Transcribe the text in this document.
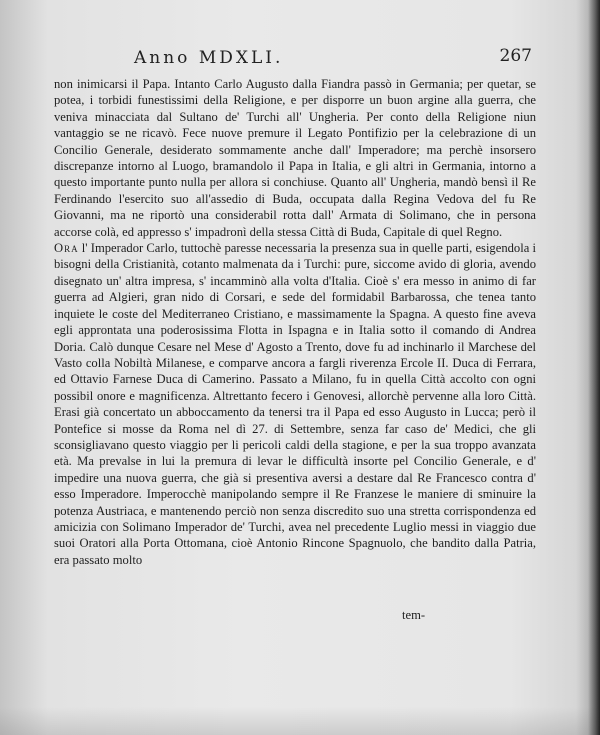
Anno MDXLI.	267

non inimicarsi il Papa. Intanto Carlo Augusto dalla Fiandra passò in Germania; per quetar, se potea, i torbidi funestissimi della Religione, e per disporre un buon argine alla guerra, che veniva minacciata dal Sultano de' Turchi all' Ungheria. Per conto della Religione niun vantaggio se ne ricavò. Fece nuove premure il Legato Pontifizio per la celebrazione di un Concilio Generale, desiderato sommamente anche dall' Imperadore; ma perchè insorsero discrepanze intorno al Luogo, bramandolo il Papa in Italia, e gli altri in Germania, intorno a questo importante punto nulla per allora si conchiuse. Quanto all' Ungheria, mandò bensì il Re Ferdinando l'esercito suo all'assedio di Buda, occupata dalla Regina Vedova del fu Re Giovanni, ma ne riportò una considerabil rotta dall' Armata di Solimano, che in persona accorse colà, ed appresso s' impadronì della stessa Città di Buda, Capitale di quel Regno.

Ora l' Imperador Carlo, tuttochè paresse necessaria la presenza sua in quelle parti, esigendola i bisogni della Cristianità, cotanto malmenata da i Turchi: pure, siccome avido di gloria, avendo disegnato un' altra impresa, s' incamminò alla volta d'Italia. Cioè s' era messo in animo di far guerra ad Algieri, gran nido di Corsari, e sede del formidabil Barbarossa, che tenea tanto inquiete le coste del Mediterraneo Cristiano, e massimamente la Spagna. A questo fine aveva egli approntata una poderosissima Flotta in Ispagna e in Italia sotto il comando di Andrea Doria. Calò dunque Cesare nel Mese d' Agosto a Trento, dove fu ad inchinarlo il Marchese del Vasto colla Nobiltà Milanese, e comparve ancora a fargli riverenza Ercole II. Duca di Ferrara, ed Ottavio Farnese Duca di Camerino. Passato a Milano, fu in quella Città accolto con ogni possibil onore e magnificenza. Altrettanto fecero i Genovesi, allorchè pervenne alla loro Città. Erasi già concertato un abboccamento da tenersi tra il Papa ed esso Augusto in Lucca; però il Pontefice si mosse da Roma nel dì 27. di Settembre, senza far caso de' Medici, che gli sconsigliavano questo viaggio per li pericoli caldi della stagione, e per la sua troppo avanzata età. Ma prevalse in lui la premura di levar le difficultà insorte pel Concilio Generale, e d' impedire una nuova guerra, che già si presentiva aversi a destare dal Re Francesco contra d' esso Imperadore. Imperocchè manipolando sempre il Re Franzese le maniere di sminuire la potenza Austriaca, e mantenendo perciò non senza discredito suo una stretta corrispondenza ed amicizia con Solimano Imperador de' Turchi, avea nel precedente Luglio messi in viaggio due suoi Oratori alla Porta Ottomana, cioè Antonio Rincone Spagnuolo, che bandito dalla Patria, era passato molto

tem-
